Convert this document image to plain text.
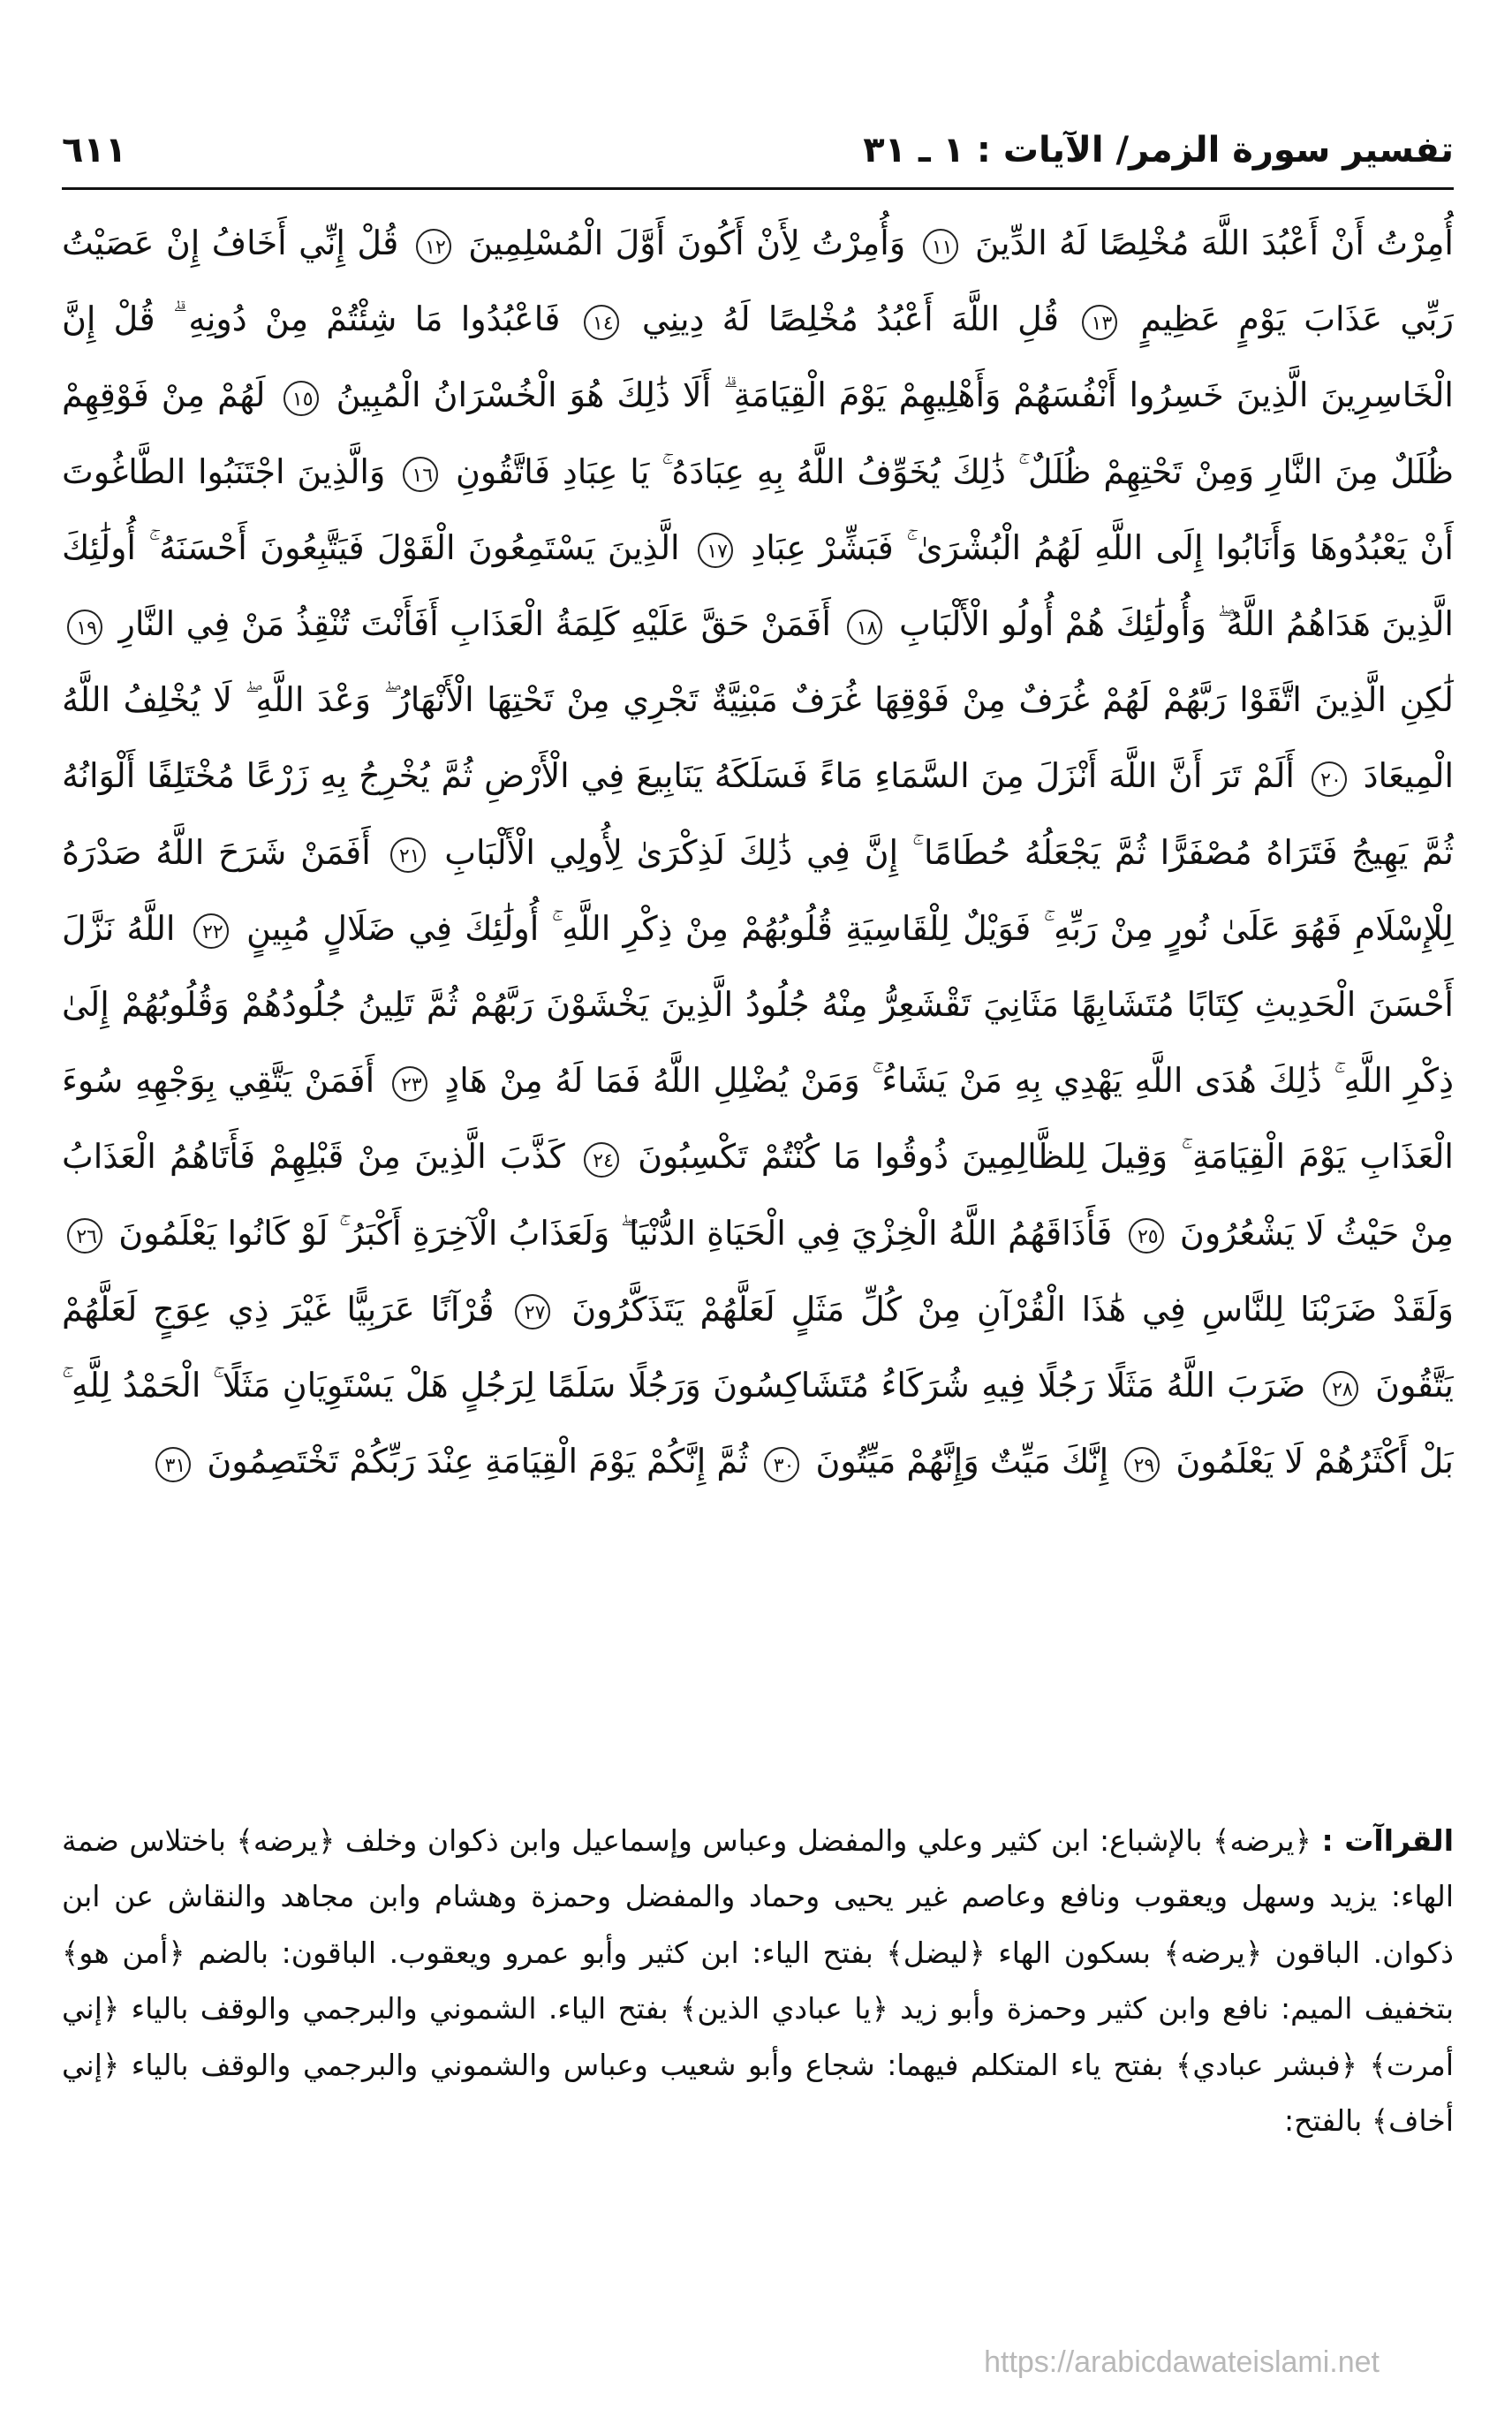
تفسير سورة الزمر/ الآيات : ١ ـ ٣١
٦١١
أُمِرْتُ أَنْ أَعْبُدَ اللَّهَ مُخْلِصًا لَهُ الدِّينَ ١١ وَأُمِرْتُ لِأَنْ أَكُونَ أَوَّلَ الْمُسْلِمِينَ ١٢ قُلْ إِنِّي أَخَافُ إِنْ عَصَيْتُ رَبِّي عَذَابَ يَوْمٍ عَظِيمٍ ١٣ قُلِ اللَّهَ أَعْبُدُ مُخْلِصًا لَهُ دِينِي ١٤ فَاعْبُدُوا مَا شِئْتُمْ مِنْ دُونِهِ ۗ قُلْ إِنَّ الْخَاسِرِينَ الَّذِينَ خَسِرُوا أَنْفُسَهُمْ وَأَهْلِيهِمْ يَوْمَ الْقِيَامَةِ ۗ أَلَا ذَٰلِكَ هُوَ الْخُسْرَانُ الْمُبِينُ ١٥ لَهُمْ مِنْ فَوْقِهِمْ ظُلَلٌ مِنَ النَّارِ وَمِنْ تَحْتِهِمْ ظُلَلٌ ۚ ذَٰلِكَ يُخَوِّفُ اللَّهُ بِهِ عِبَادَهُ ۚ يَا عِبَادِ فَاتَّقُونِ ١٦ وَالَّذِينَ اجْتَنَبُوا الطَّاغُوتَ أَنْ يَعْبُدُوهَا وَأَنَابُوا إِلَى اللَّهِ لَهُمُ الْبُشْرَىٰ ۚ فَبَشِّرْ عِبَادِ ١٧ الَّذِينَ يَسْتَمِعُونَ الْقَوْلَ فَيَتَّبِعُونَ أَحْسَنَهُ ۚ أُولَٰئِكَ الَّذِينَ هَدَاهُمُ اللَّهُ ۖ وَأُولَٰئِكَ هُمْ أُولُو الْأَلْبَابِ ١٨ أَفَمَنْ حَقَّ عَلَيْهِ كَلِمَةُ الْعَذَابِ أَفَأَنْتَ تُنْقِذُ مَنْ فِي النَّارِ ١٩ لَٰكِنِ الَّذِينَ اتَّقَوْا رَبَّهُمْ لَهُمْ غُرَفٌ مِنْ فَوْقِهَا غُرَفٌ مَبْنِيَّةٌ تَجْرِي مِنْ تَحْتِهَا الْأَنْهَارُ ۖ وَعْدَ اللَّهِ ۖ لَا يُخْلِفُ اللَّهُ الْمِيعَادَ ٢٠ أَلَمْ تَرَ أَنَّ اللَّهَ أَنْزَلَ مِنَ السَّمَاءِ مَاءً فَسَلَكَهُ يَنَابِيعَ فِي الْأَرْضِ ثُمَّ يُخْرِجُ بِهِ زَرْعًا مُخْتَلِفًا أَلْوَانُهُ ثُمَّ يَهِيجُ فَتَرَاهُ مُصْفَرًّا ثُمَّ يَجْعَلُهُ حُطَامًا ۚ إِنَّ فِي ذَٰلِكَ لَذِكْرَىٰ لِأُولِي الْأَلْبَابِ ٢١ أَفَمَنْ شَرَحَ اللَّهُ صَدْرَهُ لِلْإِسْلَامِ فَهُوَ عَلَىٰ نُورٍ مِنْ رَبِّهِ ۚ فَوَيْلٌ لِلْقَاسِيَةِ قُلُوبُهُمْ مِنْ ذِكْرِ اللَّهِ ۚ أُولَٰئِكَ فِي ضَلَالٍ مُبِينٍ ٢٢ اللَّهُ نَزَّلَ أَحْسَنَ الْحَدِيثِ كِتَابًا مُتَشَابِهًا مَثَانِيَ تَقْشَعِرُّ مِنْهُ جُلُودُ الَّذِينَ يَخْشَوْنَ رَبَّهُمْ ثُمَّ تَلِينُ جُلُودُهُمْ وَقُلُوبُهُمْ إِلَىٰ ذِكْرِ اللَّهِ ۚ ذَٰلِكَ هُدَى اللَّهِ يَهْدِي بِهِ مَنْ يَشَاءُ ۚ وَمَنْ يُضْلِلِ اللَّهُ فَمَا لَهُ مِنْ هَادٍ ٢٣ أَفَمَنْ يَتَّقِي بِوَجْهِهِ سُوءَ الْعَذَابِ يَوْمَ الْقِيَامَةِ ۚ وَقِيلَ لِلظَّالِمِينَ ذُوقُوا مَا كُنْتُمْ تَكْسِبُونَ ٢٤ كَذَّبَ الَّذِينَ مِنْ قَبْلِهِمْ فَأَتَاهُمُ الْعَذَابُ مِنْ حَيْثُ لَا يَشْعُرُونَ ٢٥ فَأَذَاقَهُمُ اللَّهُ الْخِزْيَ فِي الْحَيَاةِ الدُّنْيَا ۖ وَلَعَذَابُ الْآخِرَةِ أَكْبَرُ ۚ لَوْ كَانُوا يَعْلَمُونَ ٢٦ وَلَقَدْ ضَرَبْنَا لِلنَّاسِ فِي هَٰذَا الْقُرْآنِ مِنْ كُلِّ مَثَلٍ لَعَلَّهُمْ يَتَذَكَّرُونَ ٢٧ قُرْآنًا عَرَبِيًّا غَيْرَ ذِي عِوَجٍ لَعَلَّهُمْ يَتَّقُونَ ٢٨ ضَرَبَ اللَّهُ مَثَلًا رَجُلًا فِيهِ شُرَكَاءُ مُتَشَاكِسُونَ وَرَجُلًا سَلَمًا لِرَجُلٍ هَلْ يَسْتَوِيَانِ مَثَلًا ۚ الْحَمْدُ لِلَّهِ ۚ بَلْ أَكْثَرُهُمْ لَا يَعْلَمُونَ ٢٩ إِنَّكَ مَيِّتٌ وَإِنَّهُمْ مَيِّتُونَ ٣٠ ثُمَّ إِنَّكُمْ يَوْمَ الْقِيَامَةِ عِنْدَ رَبِّكُمْ تَخْتَصِمُونَ ٣١
القراآت : ﴿يرضه﴾ بالإشباع: ابن كثير وعلي والمفضل وعباس وإسماعيل وابن ذكوان وخلف ﴿يرضه﴾ باختلاس ضمة الهاء: يزيد وسهل ويعقوب ونافع وعاصم غير يحيى وحماد والمفضل وحمزة وهشام وابن مجاهد والنقاش عن ابن ذكوان. الباقون ﴿يرضه﴾ بسكون الهاء ﴿ليضل﴾ بفتح الياء: ابن كثير وأبو عمرو ويعقوب. الباقون: بالضم ﴿أمن هو﴾ بتخفيف الميم: نافع وابن كثير وحمزة وأبو زيد ﴿يا عبادي الذين﴾ بفتح الياء. الشموني والبرجمي والوقف بالياء ﴿إني أمرت﴾ ﴿فبشر عبادي﴾ بفتح ياء المتكلم فيهما: شجاع وأبو شعيب وعباس والشموني والبرجمي والوقف بالياء ﴿إني أخاف﴾ بالفتح:
https://arabicdawateislami.net
